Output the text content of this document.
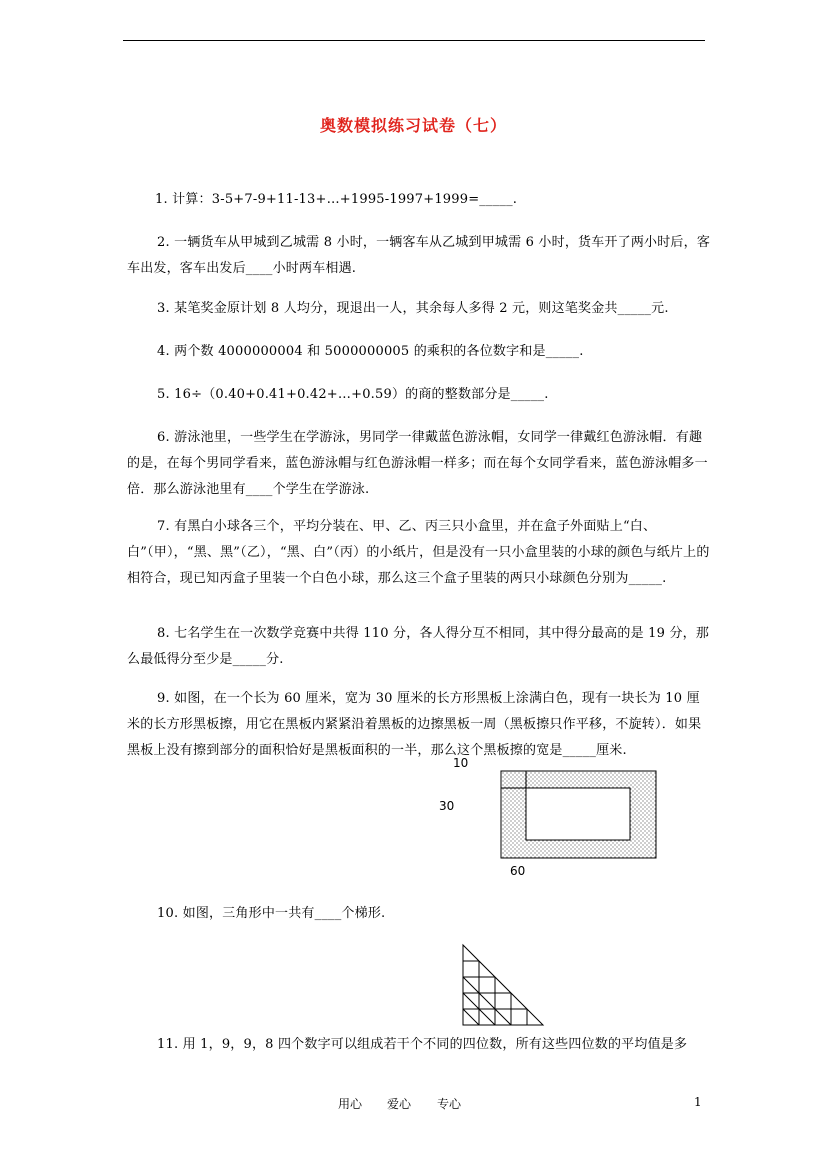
奥数模拟练习试卷（七）
1. 计算：3-5+7-9+11-13+…+1995-1997+1999=_____.
2. 一辆货车从甲城到乙城需 8 小时，一辆客车从乙城到甲城需 6 小时，货车开了两小时后，客车出发，客车出发后____小时两车相遇.
3. 某笔奖金原计划 8 人均分，现退出一人，其余每人多得 2 元，则这笔奖金共_____元.
4. 两个数 4000000004 和 5000000005 的乘积的各位数字和是_____.
5. 16÷（0.40+0.41+0.42+…+0.59）的商的整数部分是_____.
6. 游泳池里，一些学生在学游泳，男同学一律戴蓝色游泳帽，女同学一律戴红色游泳帽．有趣的是，在每个男同学看来，蓝色游泳帽与红色游泳帽一样多；而在每个女同学看来，蓝色游泳帽多一倍．那么游泳池里有____个学生在学游泳.
7. 有黑白小球各三个，平均分装在、甲、乙、丙三只小盒里，并在盒子外面贴上“白、白”（甲），“黑、黑”（乙），“黑、白”（丙）的小纸片，但是没有一只小盒里装的小球的颜色与纸片上的相符合，现已知丙盒子里装一个白色小球，那么这三个盒子里装的两只小球颜色分别为_____.
8. 七名学生在一次数学竞赛中共得 110 分，各人得分互不相同，其中得分最高的是 19 分，那么最低得分至少是_____分.
9. 如图，在一个长为 60 厘米，宽为 30 厘米的长方形黑板上涂满白色，现有一块长为 10 厘米的长方形黑板擦，用它在黑板内紧紧沿着黑板的边擦黑板一周（黑板擦只作平移，不旋转）．如果黑板上没有擦到部分的面积恰好是黑板面积的一半，那么这个黑板擦的宽是_____厘米.
10
30
60
10. 如图，三角形中一共有____个梯形.
11. 用 1，9，9，8 四个数字可以组成若干个不同的四位数，所有这些四位数的平均值是多
用心 爱心 专心	1
